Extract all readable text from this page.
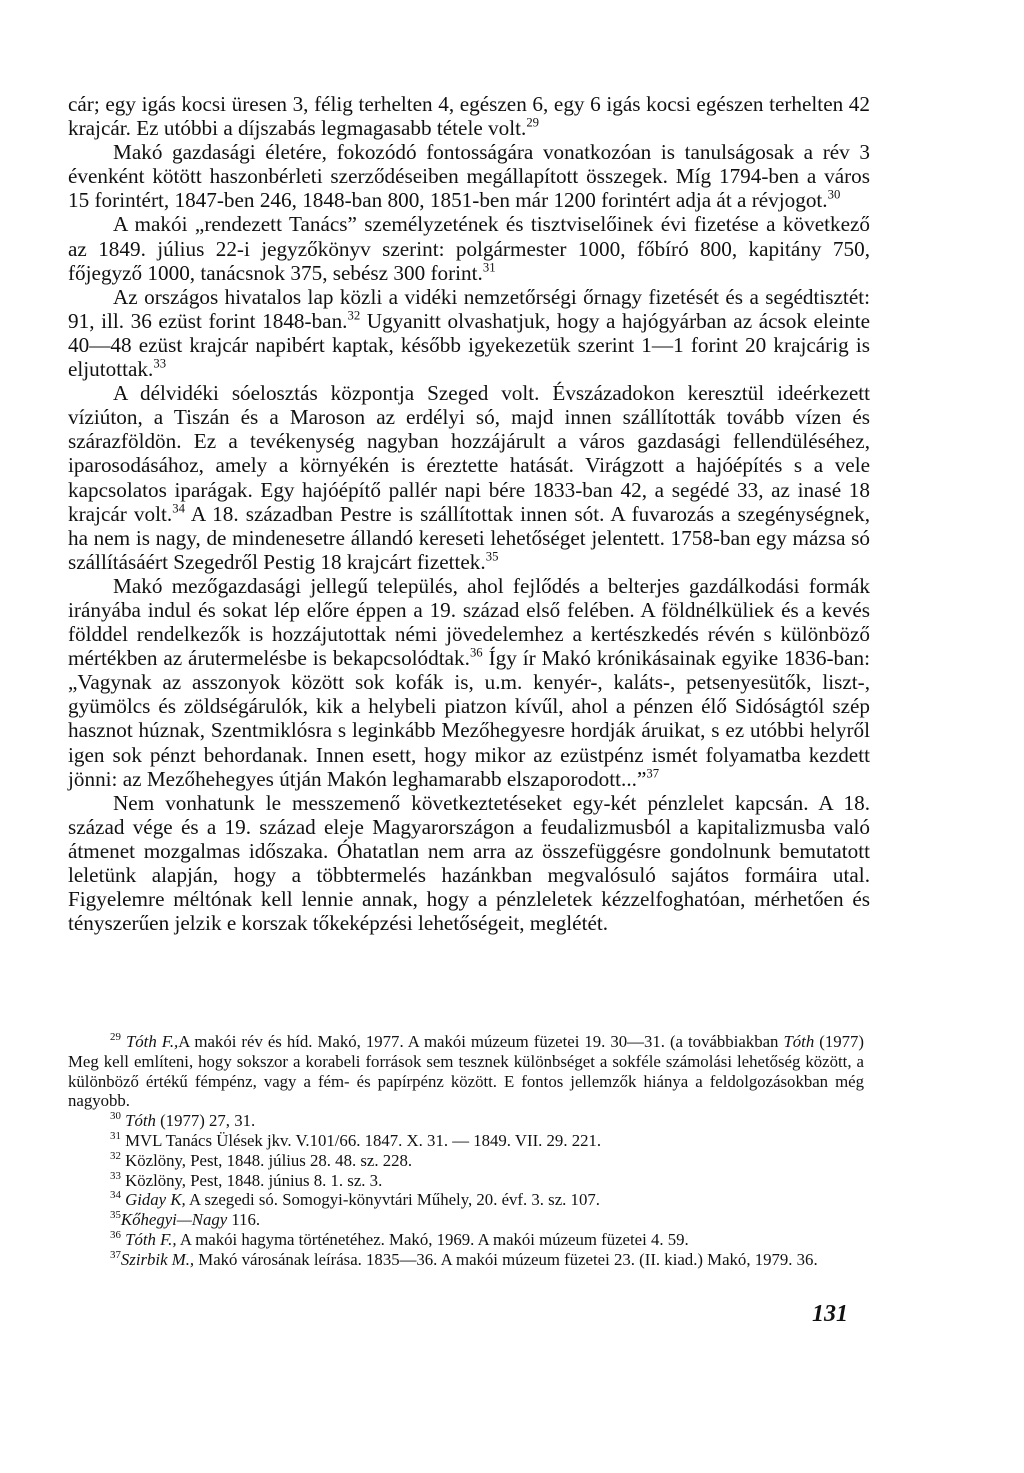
cár; egy igás kocsi üresen 3, félig terhelten 4, egészen 6, egy 6 igás kocsi egészen terhelten 42 krajcár. Ez utóbbi a díjszabás legmagasabb tétele volt.$^{29}$

Makó gazdasági életére, fokozódó fontosságára vonatkozóan is tanulságosak a rév 3 évenként kötött haszonbérleti szerződéseiben megállapított összegek. Míg 1794-ben a város 15 forintért, 1847-ben 246, 1848-ban 800, 1851-ben már 1200 forintért adja át a révjogot.$^{30}$

A makói „rendezett Tanács” személyzetének és tisztviselőinek évi fizetése a következő az 1849. július 22-i jegyzőkönyv szerint: polgármester 1000, főbíró 800, kapitány 750, főjegyző 1000, tanácsnok 375, sebész 300 forint.$^{31}$

Az országos hivatalos lap közli a vidéki nemzetőrségi őrnagy fizetését és a segédtisztét: 91, ill. 36 ezüst forint 1848-ban.$^{32}$ Ugyanitt olvashatjuk, hogy a hajógyárban az ácsok eleinte 40—48 ezüst krajcár napibért kaptak, később igyekezetük szerint 1—1 forint 20 krajcárig is eljutottak.$^{33}$

A délvidéki sóelosztás központja Szeged volt. Évszázadokon keresztül ideérkezett víziúton, a Tiszán és a Maroson az erdélyi só, majd innen szállították tovább vízen és szárazföldön. Ez a tevékenység nagyban hozzájárult a város gazdasági fellendüléséhez, iparosodásához, amely a környékén is éreztette hatását. Virágzott a hajóépítés s a vele kapcsolatos iparágak. Egy hajóépítő pallér napi bére 1833-ban 42, a segédé 33, az inasé 18 krajcár volt.$^{34}$ A 18. században Pestre is szállítottak innen sót. A fuvarozás a szegénységnek, ha nem is nagy, de mindenesetre állandó kereseti lehetőséget jelentett. 1758-ban egy mázsa só szállításáért Szegedről Pestig 18 krajcárt fizettek.$^{35}$

Makó mezőgazdasági jellegű település, ahol fejlődés a belterjes gazdálkodási formák irányába indul és sokat lép előre éppen a 19. század első felében. A földnélküliek és a kevés földdel rendelkezők is hozzájutottak némi jövedelemhez a kertészkedés révén s különböző mértékben az árutermelésbe is bekapcsolódtak.$^{36}$ Így ír Makó krónikásainak egyike 1836-ban: „Vagynak az asszonyok között sok kofák is, u.m. kenyér-, kaláts-, petsenyesütők, liszt-, gyümölcs és zöldségárulók, kik a helybeli piatzon kívűl, ahol a pénzen élő Sidóságtól szép hasznot húznak, Szentmiklósra s leginkább Mezőhegyesre hordják áruikat, s ez utóbbi helyről igen sok pénzt behordanak. Innen esett, hogy mikor az ezüstpénz ismét folyamatba kezdett jönni: az Mezőhehegyes útján Makón leghamarabb elszaporodott...”$^{37}$

Nem vonhatunk le messzemenő következtetéseket egy-két pénzlelet kapcsán. A 18. század vége és a 19. század eleje Magyarországon a feudalizmusból a kapitalizmusba való átmenet mozgalmas időszaka. Óhatatlan nem arra az összefüggésre gondolnunk bemutatott leletünk alapján, hogy a többtermelés hazánkban megvalósuló sajátos formáira utal. Figyelemre méltónak kell lennie annak, hogy a pénzleletek kézzelfoghatóan, mérhetően és tényszerűen jelzik e korszak tőkeképzési lehetőségeit, meglétét.

$^{29}$ Tóth F.,A makói rév és híd. Makó, 1977. A makói múzeum füzetei 19. 30—31. (a továbbiakban Tóth (1977) Meg kell említeni, hogy sokszor a korabeli források sem tesznek különbséget a sokféle számolási lehetőség között, a különböző értékű fémpénz, vagy a fém- és papírpénz között. E fontos jellemzők hiánya a feldolgozásokban még nagyobb.

$^{30}$ Tóth (1977) 27, 31.

$^{31}$ MVL Tanács Ülések jkv. V.101/66. 1847. X. 31. — 1849. VII. 29. 221.

$^{32}$ Közlöny, Pest, 1848. július 28. 48. sz. 228.

$^{33}$ Közlöny, Pest, 1848. június 8. 1. sz. 3.

$^{34}$ Giday K, A szegedi só. Somogyi-könyvtári Műhely, 20. évf. 3. sz. 107.

$^{35}$Kőhegyi—Nagy 116.

$^{36}$ Tóth F., A makói hagyma történetéhez. Makó, 1969. A makói múzeum füzetei 4. 59.

$^{37}$Szirbik M., Makó városának leírása. 1835—36. A makói múzeum füzetei 23. (II. kiad.) Makó, 1979. 36.

131
